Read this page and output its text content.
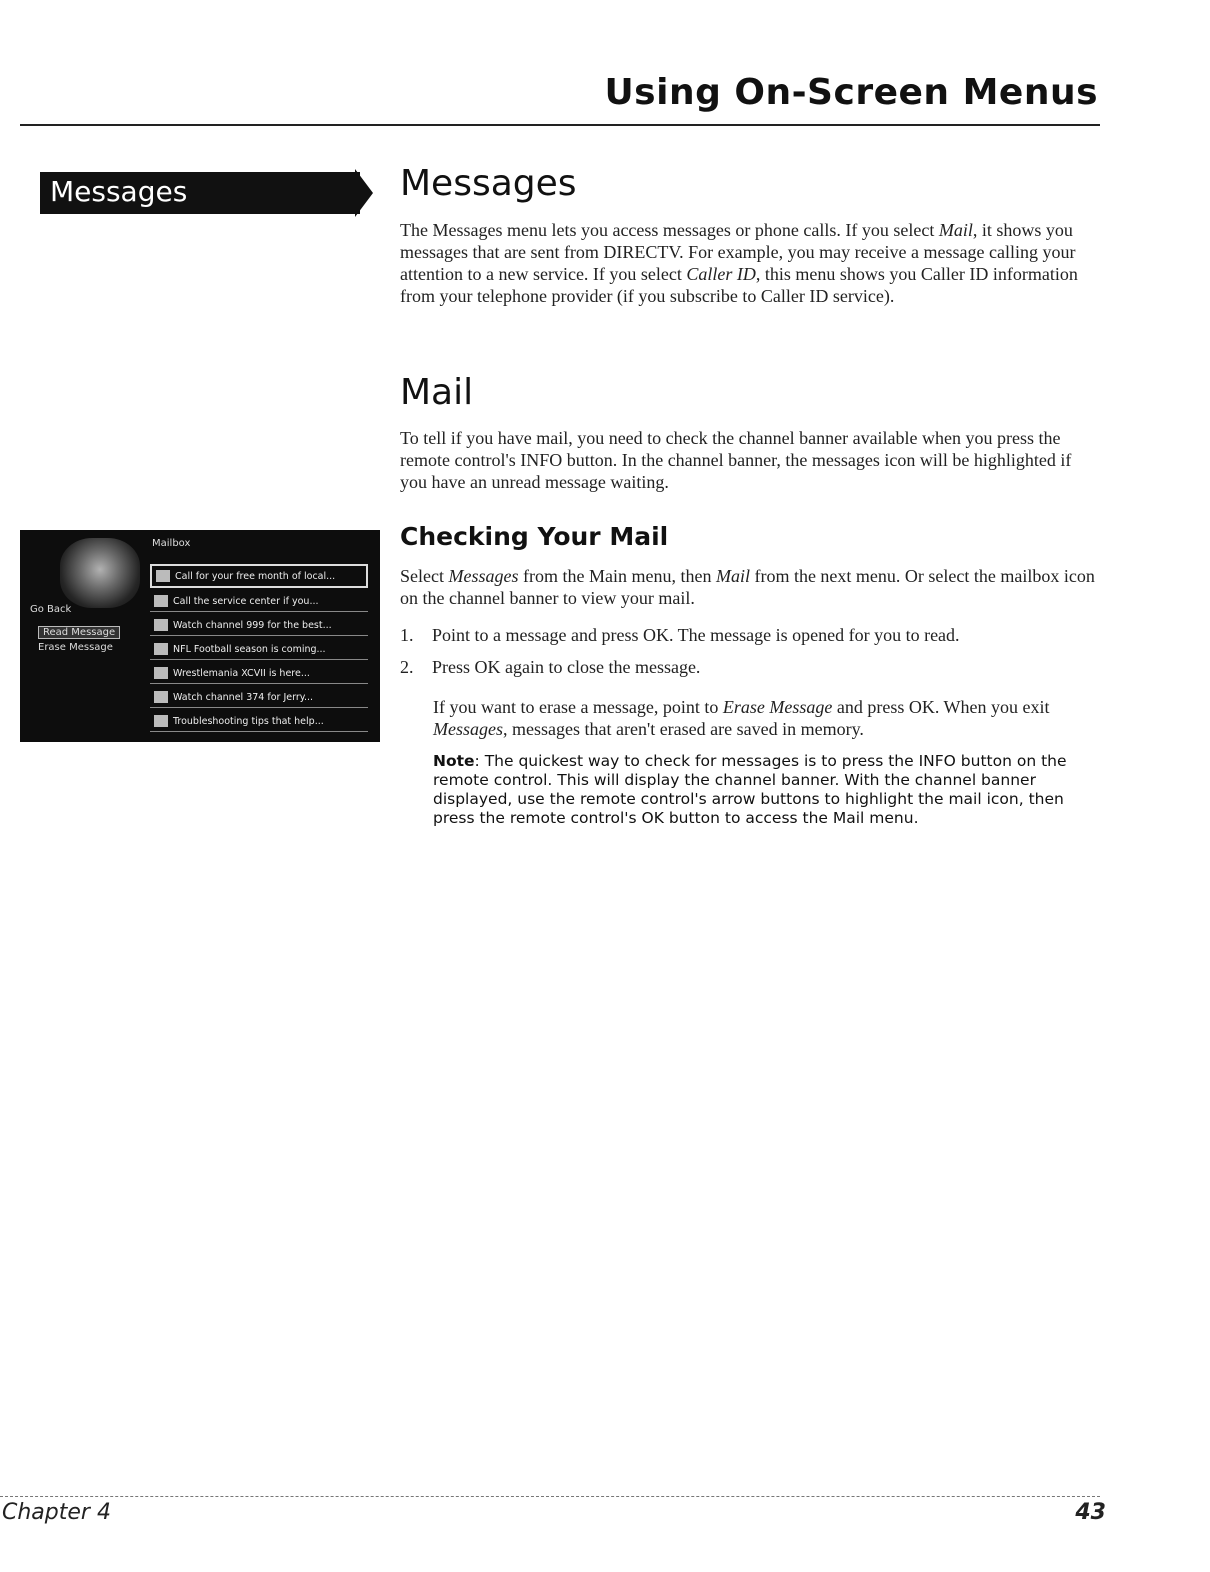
Using On-Screen Menus
Messages	Messages
The Messages menu lets you access messages or phone calls. If you select Mail, it shows you messages that are sent from DIRECTV. For example, you may receive a message calling your attention to a new service. If you select Caller ID, this menu shows you Caller ID information from your telephone provider (if you subscribe to Caller ID service).
Mail
To tell if you have mail, you need to check the channel banner available when you press the remote control's INFO button. In the channel banner, the messages icon will be highlighted if you have an unread message waiting.
Checking Your Mail
Select Messages from the Main menu, then Mail from the next menu. Or select the mailbox icon on the channel banner to view your mail.
1. Point to a message and press OK. The message is opened for you to read.
2. Press OK again to close the message.
If you want to erase a message, point to Erase Message and press OK. When you exit Messages, messages that aren't erased are saved in memory.
Note: The quickest way to check for messages is to press the INFO button on the remote control. This will display the channel banner. With the channel banner displayed, use the remote control's arrow buttons to highlight the mail icon, then press the remote control's OK button to access the Mail menu.
Mailbox
Go Back
Read Message
Erase Message
Call for your free month of local...
Call the service center if you...
Watch channel 999 for the best...
NFL Football season is coming...
Wrestlemania XCVII is here...
Watch channel 374 for Jerry...
Troubleshooting tips that help...
Chapter 4	43
